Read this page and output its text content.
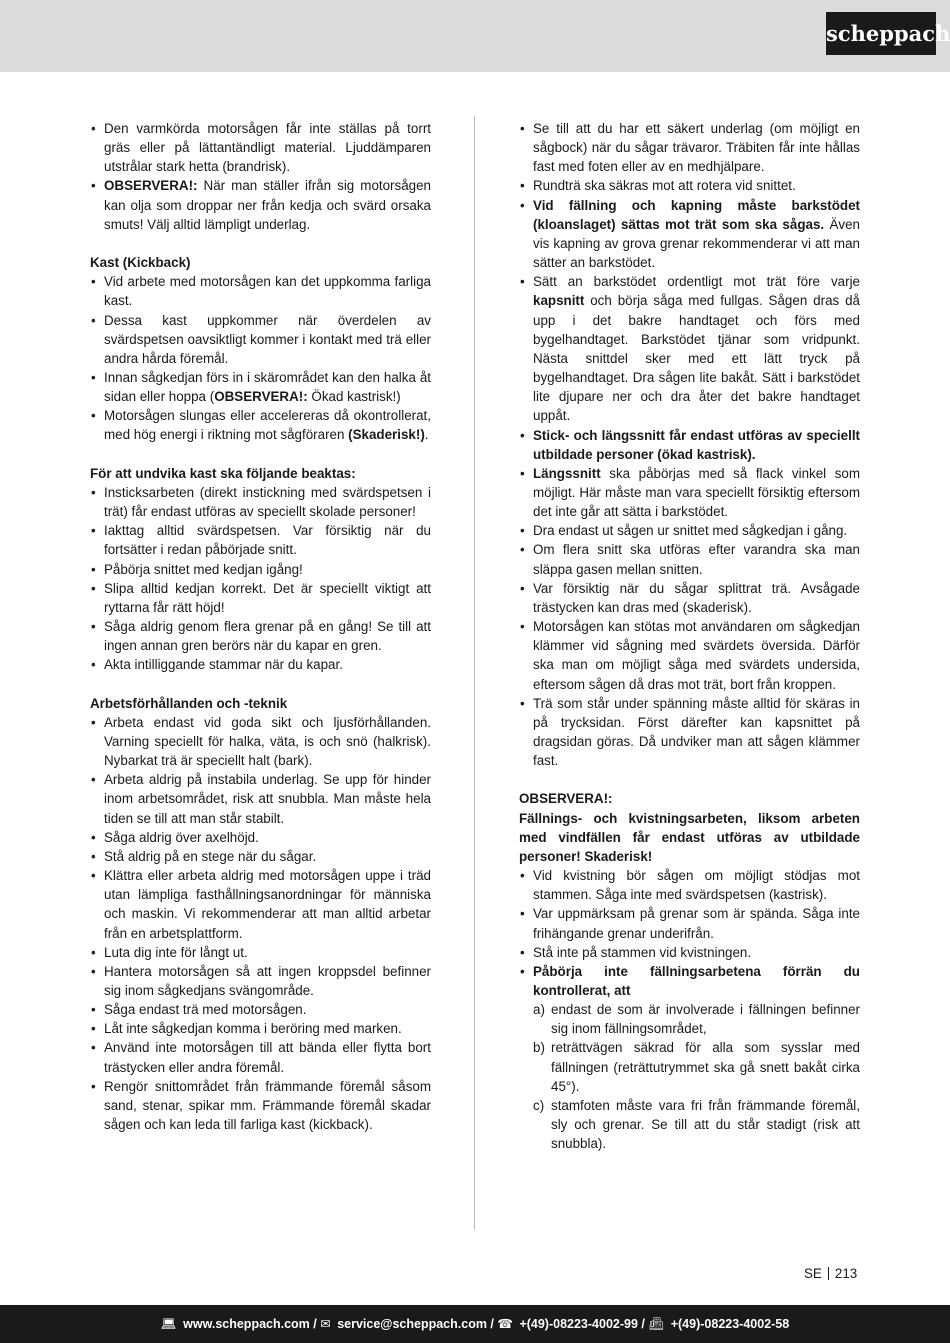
scheppach
• Den varmkörda motorsågen får inte ställas på torrt gräs eller på lättantändligt material. Ljuddämparen utstrålar stark hetta (brandrisk).
• OBSERVERA!: När man ställer ifrån sig motorsågen kan olja som droppar ner från kedja och svärd orsaka smuts! Välj alltid lämpligt underlag.

Kast (Kickback)

• Vid arbete med motorsågen kan det uppkomma farliga kast.
• Dessa kast uppkommer när överdelen av svärdspetsen oavsiktligt kommer i kontakt med trä eller andra hårda föremål.
• Innan sågkedjan förs in i skärområdet kan den halka åt sidan eller hoppa (OBSERVERA!: Ökad kastrisk!)
• Motorsågen slungas eller accelereras då okontrollerat, med hög energi i riktning mot sågföraren (Skaderisk!).

För att undvika kast ska följande beaktas:

• Insticksarbeten (direkt instickning med svärdspetsen i trät) får endast utföras av speciellt skolade personer!
• Iakttag alltid svärdspetsen. Var försiktig när du fortsätter i redan påbörjade snitt.
• Påbörja snittet med kedjan igång!
• Slipa alltid kedjan korrekt. Det är speciellt viktigt att ryttarna får rätt höjd!
• Såga aldrig genom flera grenar på en gång! Se till att ingen annan gren berörs när du kapar en gren.
• Akta intilliggande stammar när du kapar.

Arbetsförhållanden och -teknik

• Arbeta endast vid goda sikt och ljusförhållanden. Varning speciellt för halka, väta, is och snö (halkrisk). Nybarkat trä är speciellt halt (bark).
• Arbeta aldrig på instabila underlag. Se upp för hinder inom arbetsområdet, risk att snubbla. Man måste hela tiden se till att man står stabilt.
• Såga aldrig över axelhöjd.
• Stå aldrig på en stege när du sågar.
• Klättra eller arbeta aldrig med motorsågen uppe i träd utan lämpliga fasthållningsanordningar för människa och maskin. Vi rekommenderar att man alltid arbetar från en arbetsplattform.
• Luta dig inte för långt ut.
• Hantera motorsågen så att ingen kroppsdel befinner sig inom sågkedjans svängområde.
• Såga endast trä med motorsågen.
• Låt inte sågkedjan komma i beröring med marken.
• Använd inte motorsågen till att bända eller flytta bort trästycken eller andra föremål.
• Rengör snittområdet från främmande föremål såsom sand, stenar, spikar mm. Främmande föremål skadar sågen och kan leda till farliga kast (kickback).
• Se till att du har ett säkert underlag (om möjligt en sågbock) när du sågar trävaror. Träbiten får inte hållas fast med foten eller av en medhjälpare.
• Rundträ ska säkras mot att rotera vid snittet.
• Vid fällning och kapning måste barkstödet (kloanslaget) sättas mot trät som ska sågas. Även vis kapning av grova grenar rekommenderar vi att man sätter an barkstödet.
• Sätt an barkstödet ordentligt mot trät före varje kapsnitt och börja såga med fullgas. Sågen dras då upp i det bakre handtaget och förs med bygelhandtaget. Barkstödet tjänar som vridpunkt. Nästa snittdel sker med ett lätt tryck på bygelhandtaget. Dra sågen lite bakåt. Sätt i barkstödet lite djupare ner och dra åter det bakre handtaget uppåt.
• Stick- och längssnitt får endast utföras av speciellt utbildade personer (ökad kastrisk).
• Längssnitt ska påbörjas med så flack vinkel som möjligt. Här måste man vara speciellt försiktig eftersom det inte går att sätta i barkstödet.
• Dra endast ut sågen ur snittet med sågkedjan i gång.
• Om flera snitt ska utföras efter varandra ska man släppa gasen mellan snitten.
• Var försiktig när du sågar splittrat trä. Avsågade trästycken kan dras med (skaderisk).
• Motorsågen kan stötas mot användaren om sågkedjan klämmer vid sågning med svärdets översida. Därför ska man om möjligt såga med svärdets undersida, eftersom sågen då dras mot trät, bort från kroppen.
• Trä som står under spänning måste alltid för skäras in på trycksidan. Först därefter kan kapsnittet på dragsidan göras. Då undviker man att sågen klämmer fast.

OBSERVERA!:

Fällnings- och kvistningsarbeten, liksom arbeten med vindfällen får endast utföras av utbildade personer! Skaderisk!

• Vid kvistning bör sågen om möjligt stödjas mot stammen. Såga inte med svärdspetsen (kastrisk).
• Var uppmärksam på grenar som är spända. Såga inte frihängande grenar underifrån.
• Stå inte på stammen vid kvistningen.
• Påbörja inte fällningsarbetena förrän du kontrollerat, att
a) endast de som är involverade i fällningen befinner sig inom fällningsområdet,
b) reträttvägen säkrad för alla som sysslar med fällningen (reträttutrymmet ska gå snett bakåt cirka 45°).
c) stamfoten måste vara fri från främmande föremål, sly och grenar. Se till att du står stadigt (risk att snubbla).
SE 213
💻︎ www.scheppach.com / ✉︎ service@scheppach.com / ☎︎ +(49)-08223-4002-99 / 📠︎ +(49)-08223-4002-58
